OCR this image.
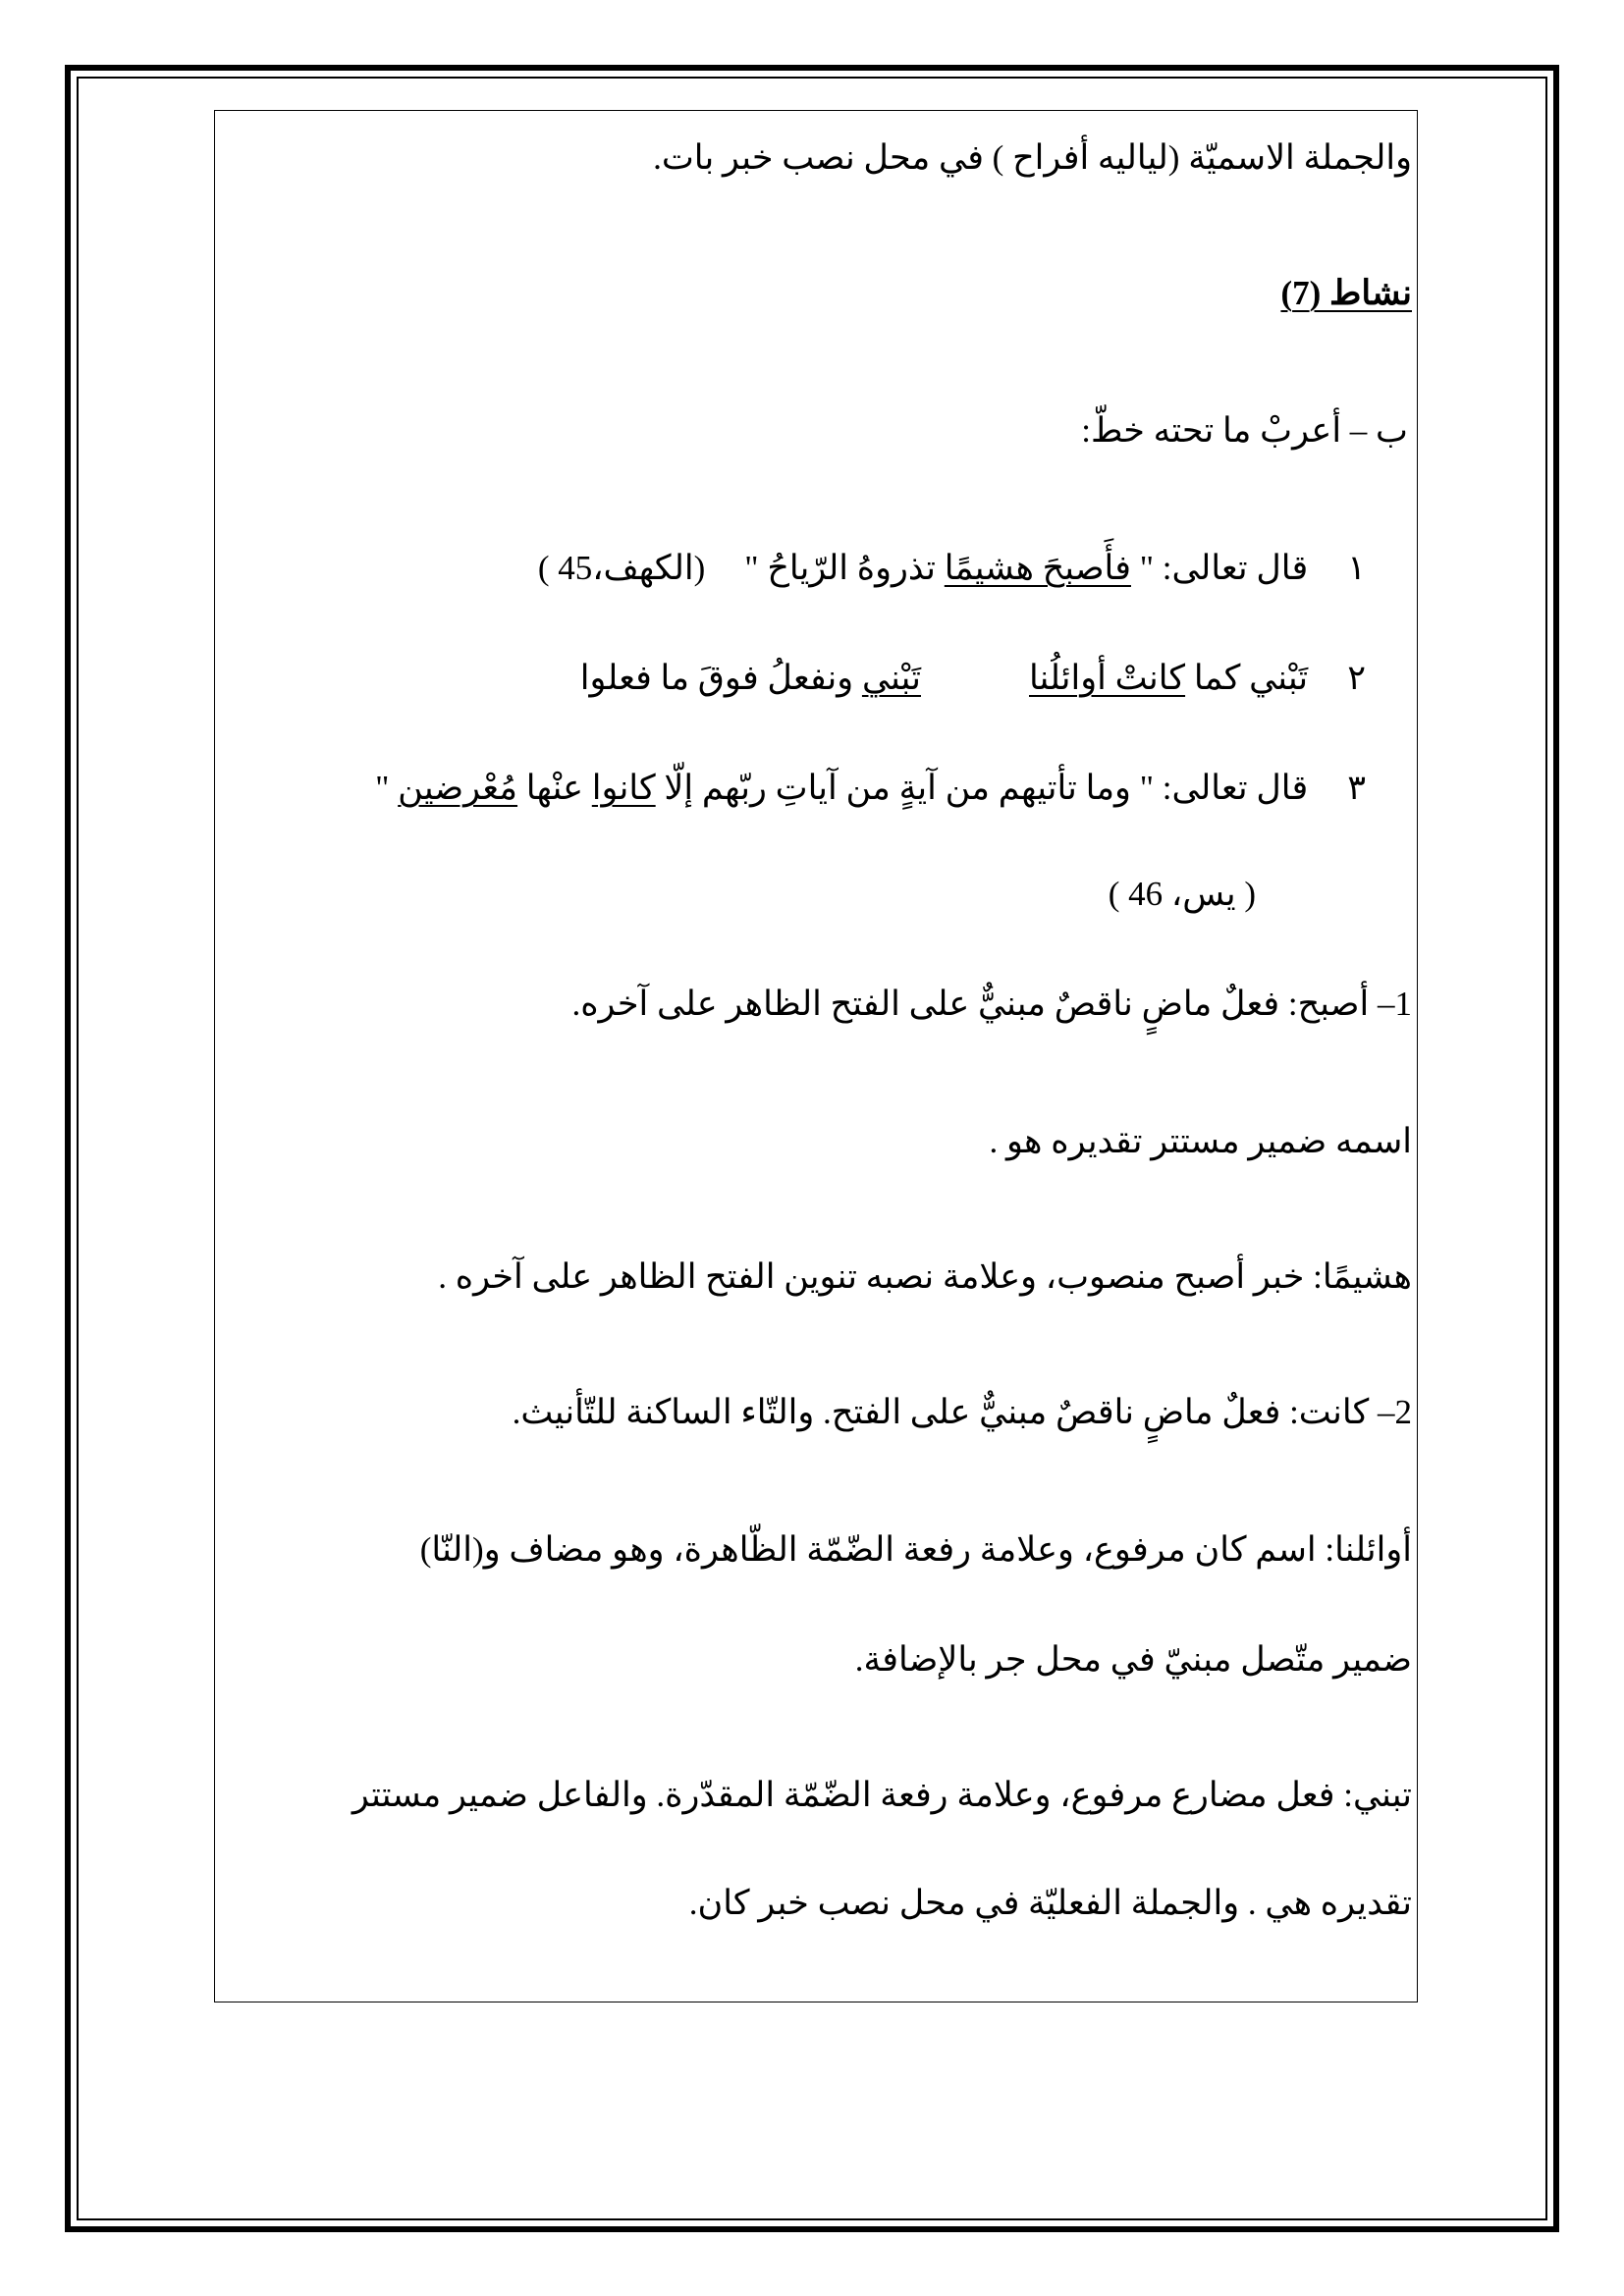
والجملة الاسميّة (لياليه أفراح ) في محل نصب خبر بات.
نشاط (7)
ب – أعربْ ما تحته خطّ:
١قال تعالى: " فأَصبحَ هشيمًا تذروهُ الرّياحُ "(الكهف،45 )
٢تَبْني كما كانتْ أوائلُناتَبْني ونفعلُ فوقَ ما فعلوا
٣قال تعالى: " وما تأتيهم من آيةٍ من آياتِ ربّهم إلّا كانوا عنْها مُعْرضين "
( يس، 46 )
1– أصبح: فعلٌ ماضٍ ناقصٌ مبنيٌّ على الفتح الظاهر على آخره.
اسمه ضمير مستتر تقديره هو .
هشيمًا: خبر أصبح منصوب، وعلامة نصبه تنوين الفتح الظاهر على آخره .
2– كانت: فعلٌ ماضٍ ناقصٌ مبنيٌّ على الفتح. والتّاء الساكنة للتّأنيث.
أوائلنا: اسم كان مرفوع، وعلامة رفعة الضّمّة الظّاهرة، وهو مضاف و(النّا)
ضمير متّصل مبنيّ في محل جر بالإضافة.
تبني: فعل مضارع مرفوع، وعلامة رفعة الضّمّة المقدّرة. والفاعل ضمير مستتر
تقديره هي . والجملة الفعليّة في محل نصب خبر كان.
